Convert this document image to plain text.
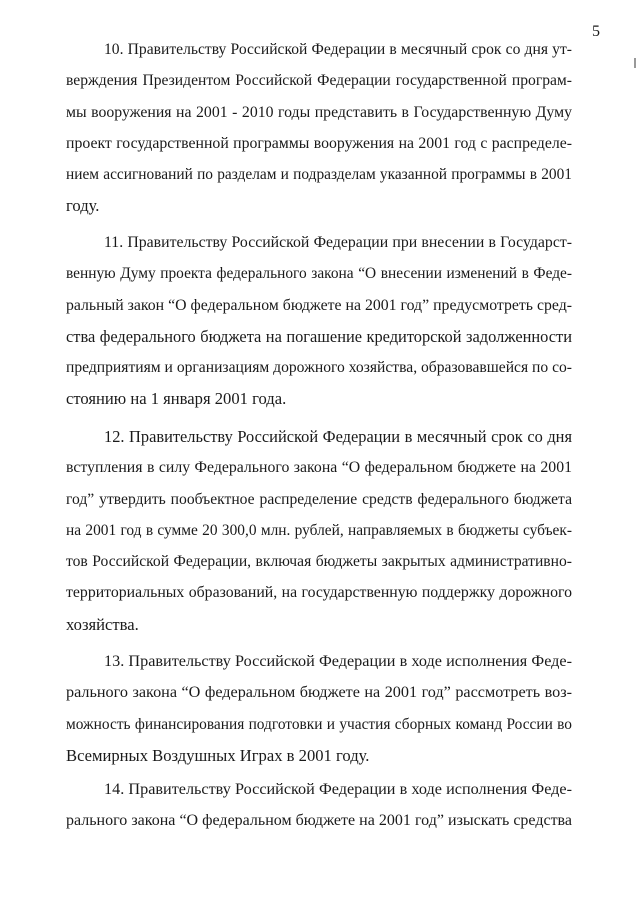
5
10. Правительству Российской Федерации в месячный срок со дня ут-
верждения Президентом Российской Федерации государственной програм-
мы вооружения на 2001 - 2010 годы представить в Государственную Думу
проект государственной программы вооружения на 2001 год с распределе-
нием ассигнований по разделам и подразделам указанной программы в 2001
году.
11. Правительству Российской Федерации при внесении в Государст-
венную Думу проекта федерального закона “О внесении изменений в Феде-
ральный закон “О федеральном бюджете на 2001 год” предусмотреть сред-
ства федерального бюджета на погашение кредиторской задолженности
предприятиям и организациям дорожного хозяйства, образовавшейся по со-
стоянию на 1 января 2001 года.
12. Правительству Российской Федерации в месячный срок со дня
вступления в силу Федерального закона “О федеральном бюджете на 2001
год” утвердить пообъектное распределение средств федерального бюджета
на 2001 год в сумме 20 300,0 млн. рублей, направляемых в бюджеты субъек-
тов Российской Федерации, включая бюджеты закрытых административно-
территориальных образований, на государственную поддержку дорожного
хозяйства.
13. Правительству Российской Федерации в ходе исполнения Феде-
рального закона “О федеральном бюджете на 2001 год” рассмотреть воз-
можность финансирования подготовки и участия сборных команд России во
Всемирных Воздушных Играх в 2001 году.
14. Правительству Российской Федерации в ходе исполнения Феде-
рального закона “О федеральном бюджете на 2001 год” изыскать средства
